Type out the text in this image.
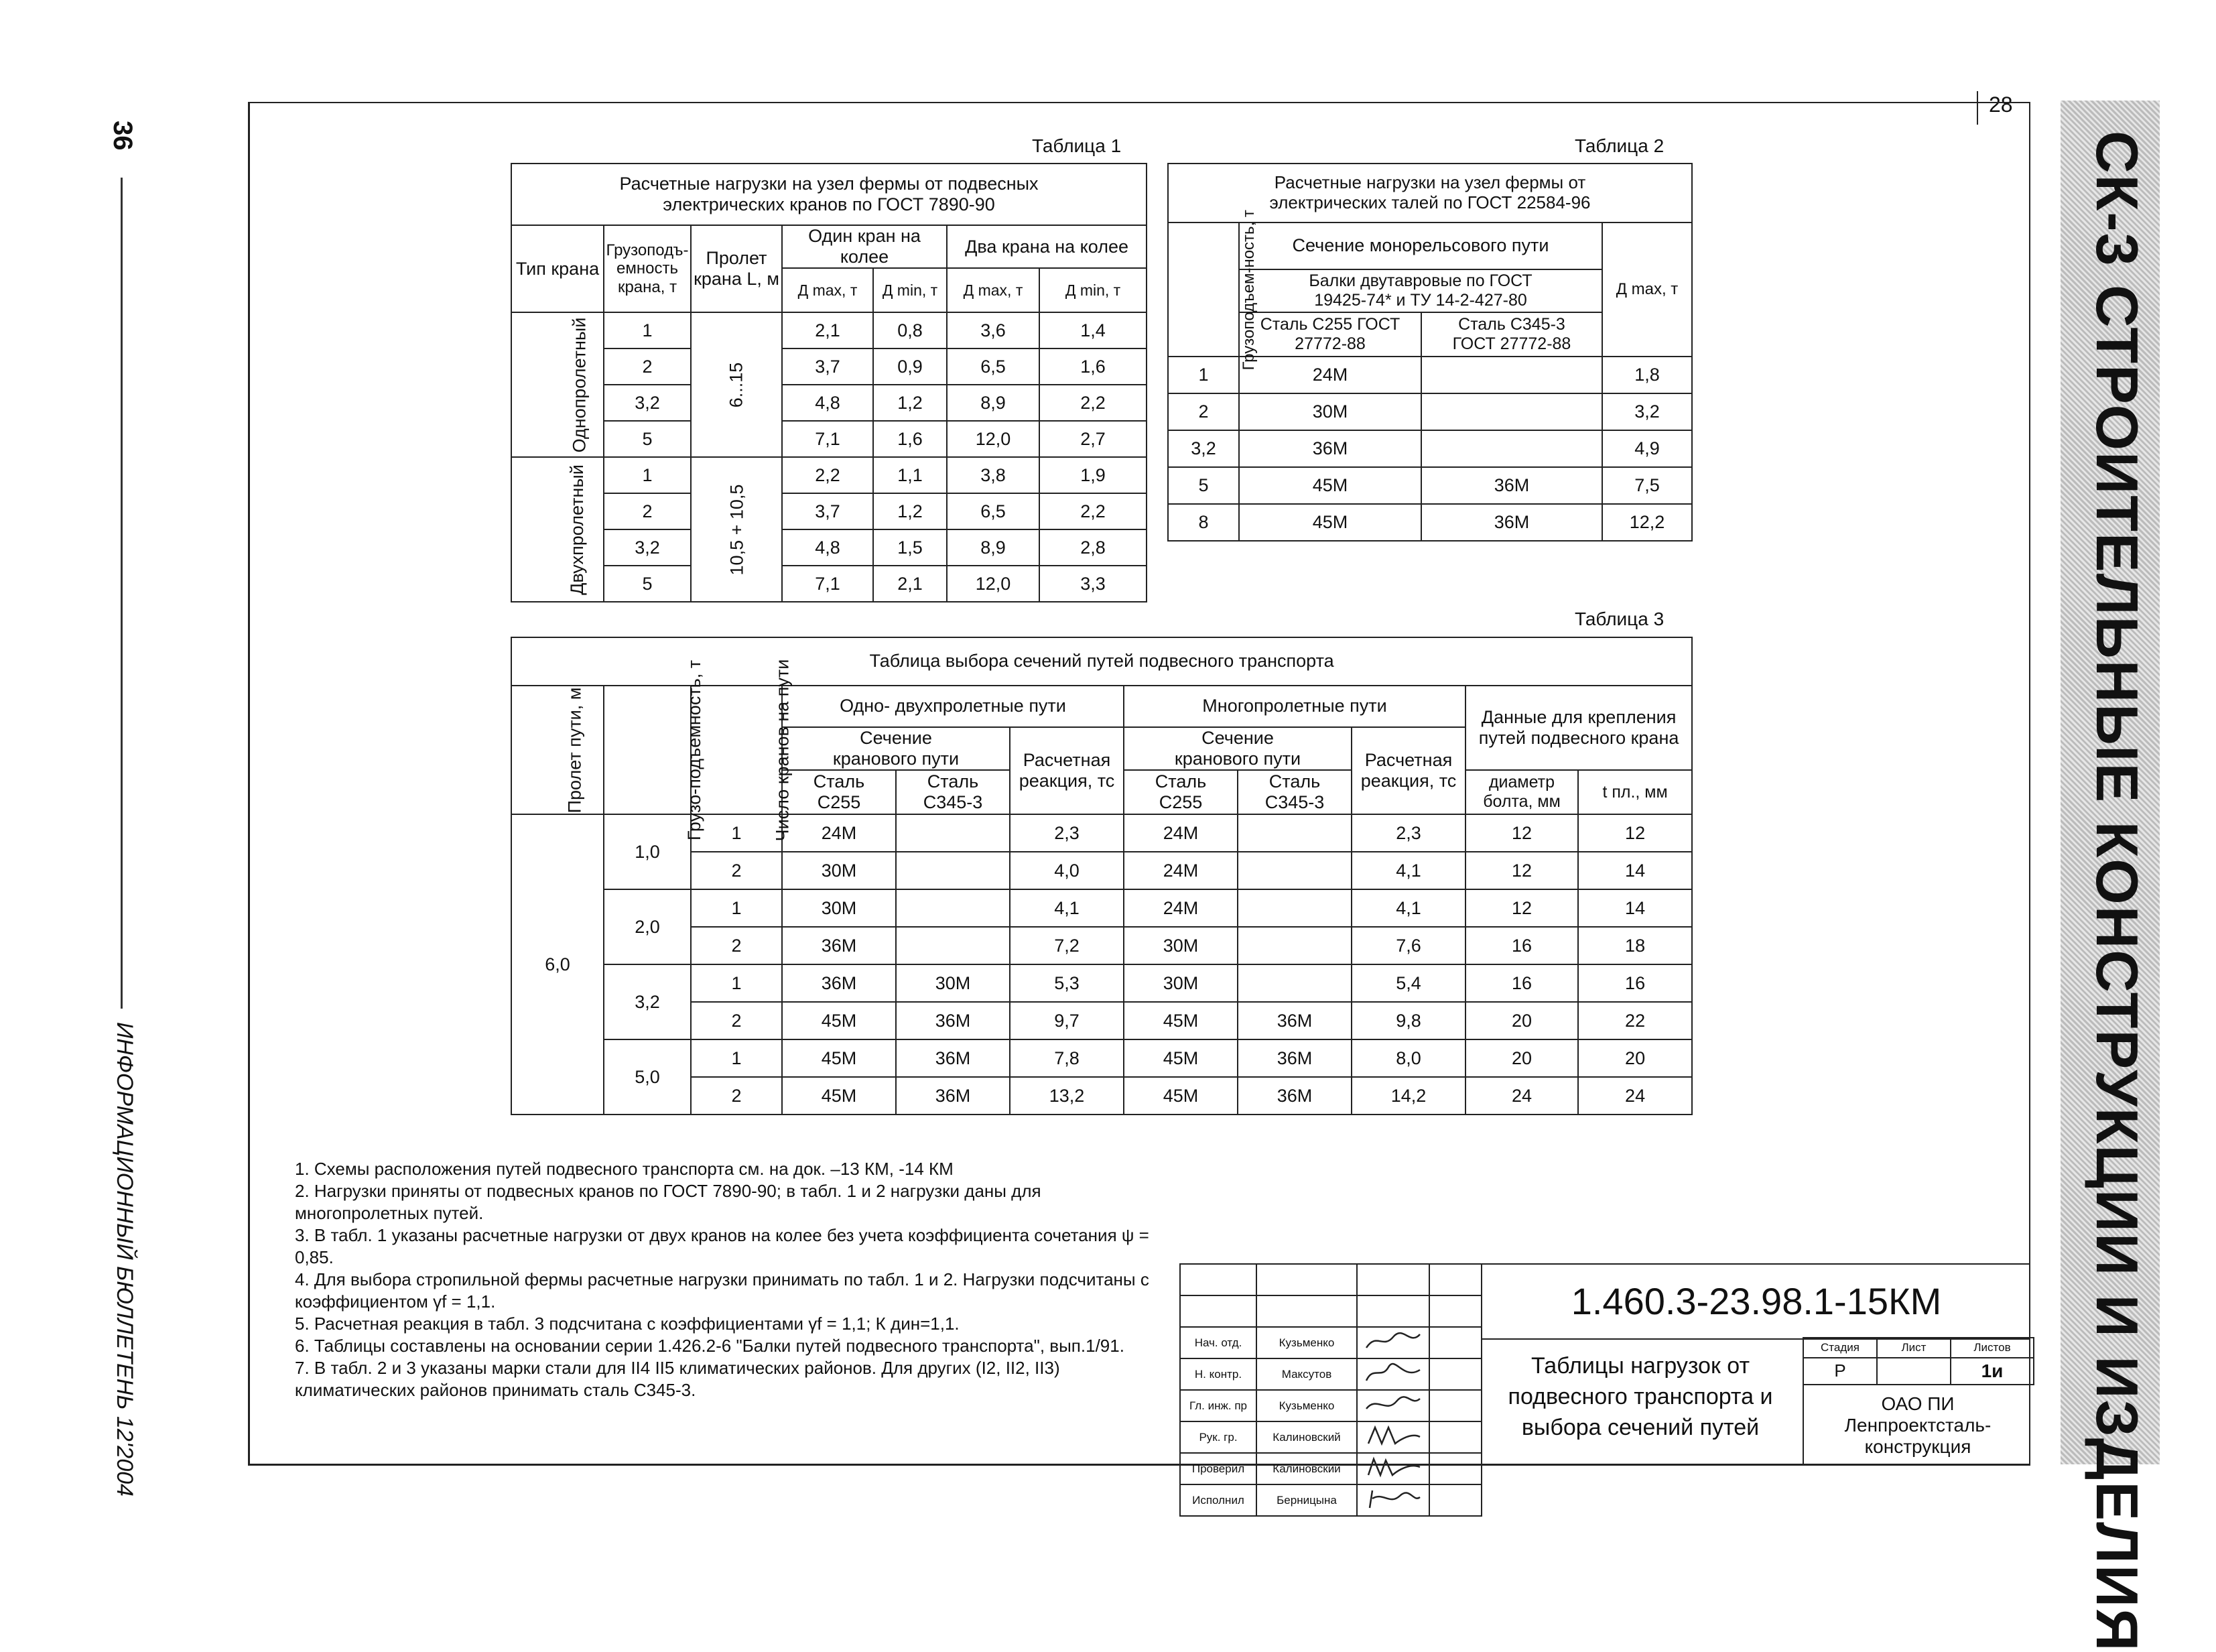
36
ИНФОРМАЦИОННЫЙ БЮЛЛЕТЕНЬ 12'2004
28
СК-3 СТРОИТЕЛЬНЫЕ КОНСТРУКЦИИ И ИЗДЕЛИЯ
Таблица 1
Расчетные нагрузки на узел фермы от подвесных электрических кранов по ГОСТ 7890-90						
Тип крана	Грузоподъ-емность крана, т	Пролет крана L, м	Один кран на колее		Два крана на колее	
			Д max, т	Д min, т	Д max, т	Д min, т
Однопролетный	1	6...15	2,1	0,8	3,6	1,4
	2		3,7	0,9	6,5	1,6
	3,2		4,8	1,2	8,9	2,2
	5		7,1	1,6	12,0	2,7
Двухпролетный	1	10,5 + 10,5	2,2	1,1	3,8	1,9
	2		3,7	1,2	6,5	2,2
	3,2		4,8	1,5	8,9	2,8
	5		7,1	2,1	12,0	3,3
Таблица 2
Расчетные нагрузки на узел фермы от электрических талей по ГОСТ 22584-96			
Грузоподъем-ность, т	Сечение монорельсового пути		Д max, т
	Балки двутавровые по ГОСТ 19425-74* и ТУ 14-2-427-80		
	Сталь С255 ГОСТ 27772-88	Сталь С345-3 ГОСТ 27772-88	
1	24М		1,8
2	30М		3,2
3,2	36М		4,9
5	45М	36М	7,5
8	45М	36М	12,2
Таблица 3
Таблица выбора сечений путей подвесного транспорта										
Пролет пути, м	Грузо-подъемность, т	Число кранов на пути	Одно- двухпролетные пути			Многопролетные пути			Данные для крепления путей подвесного крана	
			Сечение кранового пути		Расчетная реакция, тс	Сечение кранового пути		Расчетная реакция, тс		
			Сталь С255	Сталь С345-3		Сталь С255	Сталь С345-3		диаметр болта, мм	t пл., мм
6,0	1,0	1	24М		2,3	24М		2,3	12	12
		2	30М		4,0	24М		4,1	12	14
	2,0	1	30М		4,1	24М		4,1	12	14
		2	36М		7,2	30М		7,6	16	18
	3,2	1	36М	30М	5,3	30М		5,4	16	16
		2	45М	36М	9,7	45М	36М	9,8	20	22
	5,0	1	45М	36М	7,8	45М	36М	8,0	20	20
		2	45М	36М	13,2	45М	36М	14,2	24	24

1. Схемы расположения путей подвесного транспорта см. на док. –13 КМ, -14 КМ

2. Нагрузки приняты от подвесных кранов по ГОСТ 7890-90; в табл. 1 и 2 нагрузки даны для многопролетных путей.

3. В табл. 1 указаны расчетные нагрузки от двух кранов на колее без учета коэффициента сочетания ψ = 0,85.

4. Для выбора стропильной фермы расчетные нагрузки принимать по табл. 1 и 2. Нагрузки подсчитаны с коэффициентом γf = 1,1.

5. Расчетная реакция в табл. 3 подсчитана с коэффициентами γf = 1,1; К дин=1,1.

6. Таблицы составлены на основании серии 1.426.2-6 "Балки путей подвесного транспорта", вып.1/91.

7. В табл. 2 и 3 указаны марки стали для II4 II5 климатических районов. Для других (I2, II2, II3) климатических районов принимать сталь С345-3.

Нач. отд.	Кузьменко		
Н. контр.	Максутов		
Гл. инж. пр	Кузьменко		
Рук. гр.	Калиновский		
Проверил	Калиновский		
Исполнил	Берницына		
1.460.3-23.98.1-15КМ
Таблицы нагрузок от подвесного транспорта и выбора сечений путей
Стадия	Лист	Листов
Р		1и
ОАО ПИ Ленпроектсталь-конструкция
